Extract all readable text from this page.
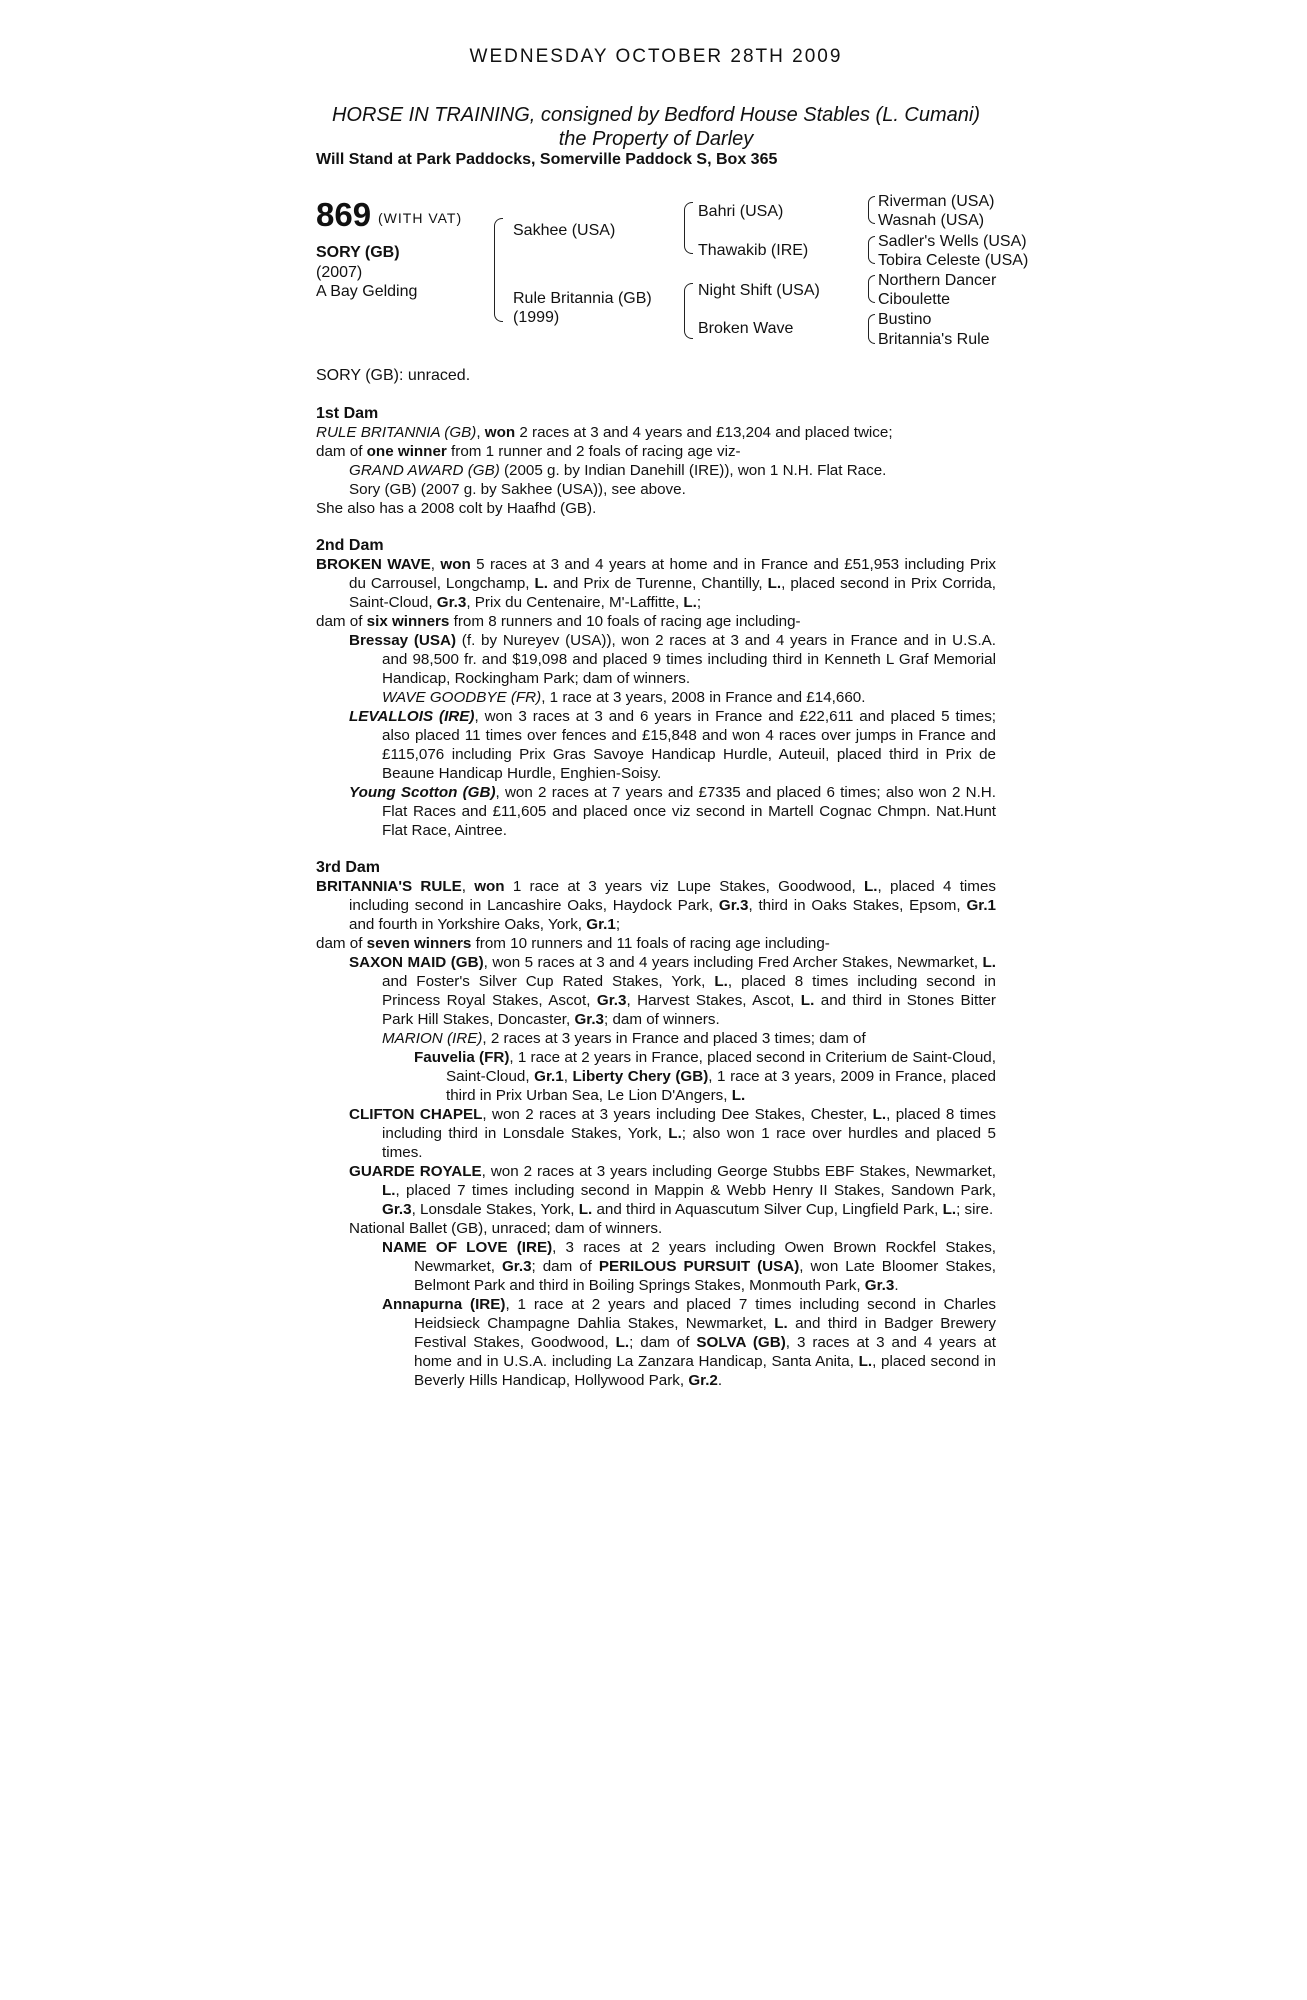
WEDNESDAY OCTOBER 28TH 2009
HORSE IN TRAINING, consigned by Bedford House Stables (L. Cumani)
the Property of Darley
Will Stand at Park Paddocks, Somerville Paddock S, Box 365
869 (WITH VAT)
SORY (GB)
(2007)
A Bay Gelding
Sakhee (USA)
Rule Britannia (GB)
(1999)
Bahri (USA)
Thawakib (IRE)
Night Shift (USA)
Broken Wave
Riverman (USA)
Wasnah (USA)
Sadler's Wells (USA)
Tobira Celeste (USA)
Northern Dancer
Ciboulette
Bustino
Britannia's Rule
SORY (GB): unraced.
1st Dam
RULE BRITANNIA (GB), won 2 races at 3 and 4 years and £13,204 and placed twice;
dam of one winner from 1 runner and 2 foals of racing age viz-
GRAND AWARD (GB) (2005 g. by Indian Danehill (IRE)), won 1 N.H. Flat Race.
Sory (GB) (2007 g. by Sakhee (USA)), see above.
She also has a 2008 colt by Haafhd (GB).
2nd Dam
BROKEN WAVE, won 5 races at 3 and 4 years at home and in France and £51,953 including Prix du Carrousel, Longchamp, L. and Prix de Turenne, Chantilly, L., placed second in Prix Corrida, Saint-Cloud, Gr.3, Prix du Centenaire, M'-Laffitte, L.;
dam of six winners from 8 runners and 10 foals of racing age including-
Bressay (USA) (f. by Nureyev (USA)), won 2 races at 3 and 4 years in France and in U.S.A. and 98,500 fr. and $19,098 and placed 9 times including third in Kenneth L Graf Memorial Handicap, Rockingham Park; dam of winners.
WAVE GOODBYE (FR), 1 race at 3 years, 2008 in France and £14,660.
LEVALLOIS (IRE), won 3 races at 3 and 6 years in France and £22,611 and placed 5 times; also placed 11 times over fences and £15,848 and won 4 races over jumps in France and £115,076 including Prix Gras Savoye Handicap Hurdle, Auteuil, placed third in Prix de Beaune Handicap Hurdle, Enghien-Soisy.
Young Scotton (GB), won 2 races at 7 years and £7335 and placed 6 times; also won 2 N.H. Flat Races and £11,605 and placed once viz second in Martell Cognac Chmpn. Nat.Hunt Flat Race, Aintree.
3rd Dam
BRITANNIA'S RULE, won 1 race at 3 years viz Lupe Stakes, Goodwood, L., placed 4 times including second in Lancashire Oaks, Haydock Park, Gr.3, third in Oaks Stakes, Epsom, Gr.1 and fourth in Yorkshire Oaks, York, Gr.1;
dam of seven winners from 10 runners and 11 foals of racing age including-
SAXON MAID (GB), won 5 races at 3 and 4 years including Fred Archer Stakes, Newmarket, L. and Foster's Silver Cup Rated Stakes, York, L., placed 8 times including second in Princess Royal Stakes, Ascot, Gr.3, Harvest Stakes, Ascot, L. and third in Stones Bitter Park Hill Stakes, Doncaster, Gr.3; dam of winners.
MARION (IRE), 2 races at 3 years in France and placed 3 times; dam of
Fauvelia (FR), 1 race at 2 years in France, placed second in Criterium de Saint-Cloud, Saint-Cloud, Gr.1, Liberty Chery (GB), 1 race at 3 years, 2009 in France, placed third in Prix Urban Sea, Le Lion D'Angers, L.
CLIFTON CHAPEL, won 2 races at 3 years including Dee Stakes, Chester, L., placed 8 times including third in Lonsdale Stakes, York, L.; also won 1 race over hurdles and placed 5 times.
GUARDE ROYALE, won 2 races at 3 years including George Stubbs EBF Stakes, Newmarket, L., placed 7 times including second in Mappin & Webb Henry II Stakes, Sandown Park, Gr.3, Lonsdale Stakes, York, L. and third in Aquascutum Silver Cup, Lingfield Park, L.; sire.
National Ballet (GB), unraced; dam of winners.
NAME OF LOVE (IRE), 3 races at 2 years including Owen Brown Rockfel Stakes, Newmarket, Gr.3; dam of PERILOUS PURSUIT (USA), won Late Bloomer Stakes, Belmont Park and third in Boiling Springs Stakes, Monmouth Park, Gr.3.
Annapurna (IRE), 1 race at 2 years and placed 7 times including second in Charles Heidsieck Champagne Dahlia Stakes, Newmarket, L. and third in Badger Brewery Festival Stakes, Goodwood, L.; dam of SOLVA (GB), 3 races at 3 and 4 years at home and in U.S.A. including La Zanzara Handicap, Santa Anita, L., placed second in Beverly Hills Handicap, Hollywood Park, Gr.2.
